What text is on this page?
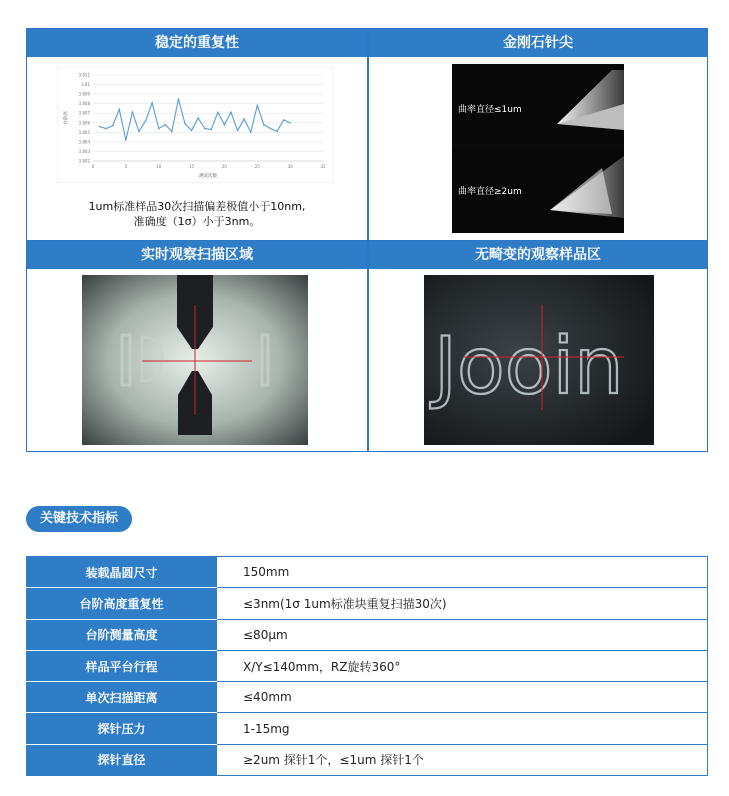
稳定的重复性
3.802
3.803
3.804
3.805
3.806
3.807
3.808
3.809
3.81
3.811
0	5	10	15	20	25	30	35
测试次数
台阶高
1um标准样品30次扫描偏差极值小于10nm,
准确度（1σ）小于3nm。
金刚石针尖
曲率直径≤1um
曲率直径≥2um
实时观察扫描区域	无畸变的观察样品区
Jooin
关键技术指标
装载晶圆尺寸	150mm
台阶高度重复性	≤3nm(1σ 1um标准块重复扫描30次)
台阶测量高度	≤80μm
样品平台行程	X/Y≤140mm，RZ旋转360°
单次扫描距离	≤40mm
探针压力	1-15mg
探针直径	≥2um 探针1个，≤1um 探针1个
